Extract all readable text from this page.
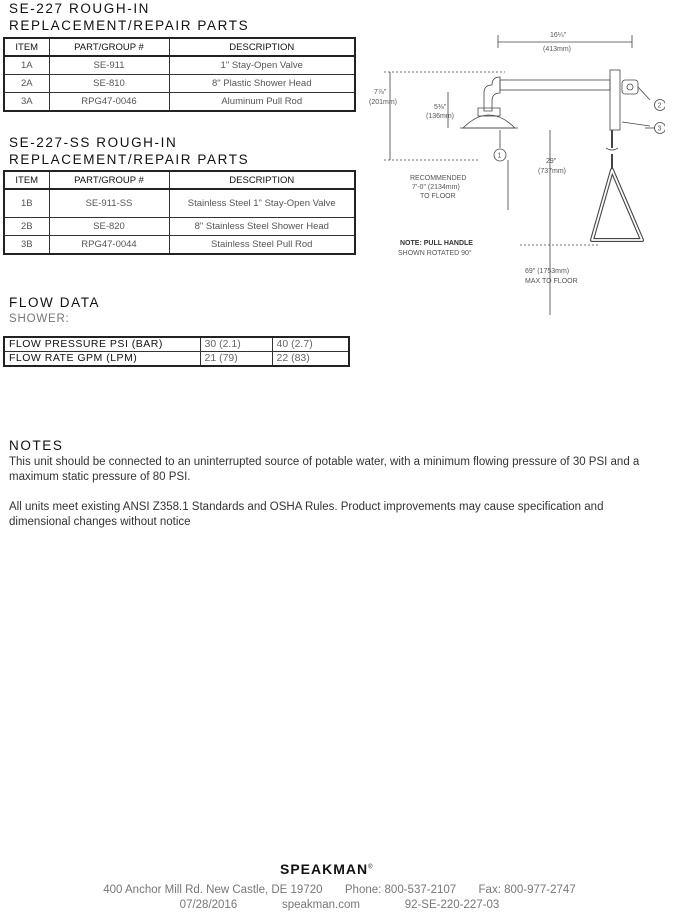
SE-227 ROUGH-IN
REPLACEMENT/REPAIR PARTS
ITEM	PART/GROUP #	DESCRIPTION
1A	SE-911	1" Stay-Open Valve
2A	SE-810	8" Plastic Shower Head
3A	RPG47-0046	Aluminum Pull Rod
SE-227-SS ROUGH-IN
REPLACEMENT/REPAIR PARTS
ITEM	PART/GROUP #	DESCRIPTION
1B	SE-911-SS	Stainless Steel 1" Stay-Open Valve
2B	SE-820	8" Stainless Steel Shower Head
3B	RPG47-0044	Stainless Steel Pull Rod
FLOW DATA
SHOWER:
FLOW PRESSURE PSI (BAR)	30 (2.1)	40 (2.7)
FLOW RATE GPM (LPM)	21 (79)	22 (83)
NOTES

This unit should be connected to an uninterrupted source of potable water, with a minimum flowing pressure of 30 PSI and a maximum static pressure of 80 PSI.

All units meet existing ANSI Z358.1 Standards and OSHA Rules. Product improvements may cause specification and dimensional changes without notice

1
2
3
16¼"
(413mm)
7⅞"
(201mm)
5⅜"
(136mm)
29"
(737mm)
RECOMMENDED
7'-0" (2134mm)
TO FLOOR
NOTE: PULL HANDLE
SHOWN ROTATED 90°
69" (1753mm)
MAX TO FLOOR
SPEAKMAN®
400 Anchor Mill Rd. New Castle, DE 19720 Phone: 800-537-2107 Fax: 800-977-2747
07/28/2016	speakman.com	92-SE-220-227-03
